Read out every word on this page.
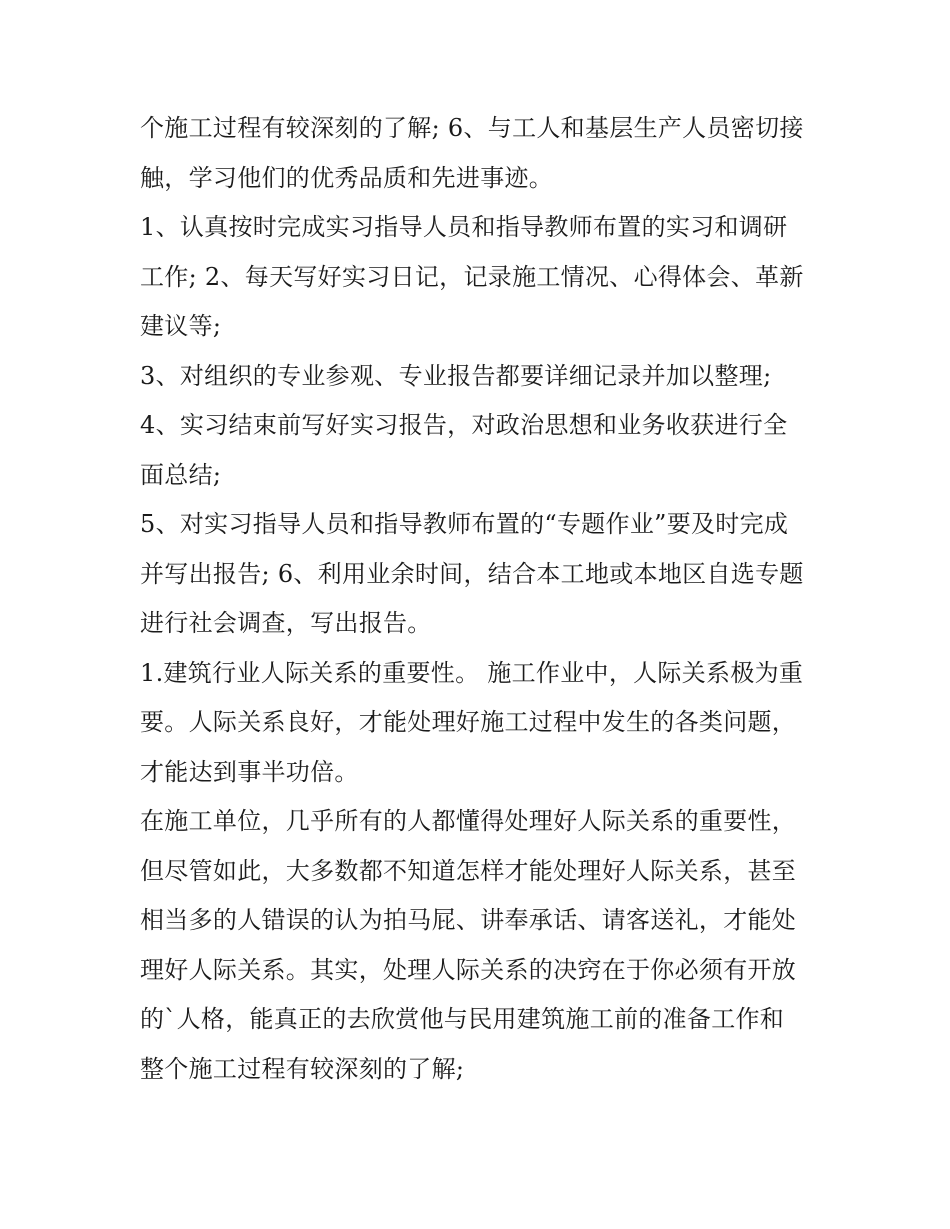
个施工过程有较深刻的了解; 6、与工人和基层生产人员密切接
触，学习他们的优秀品质和先进事迹。

1、认真按时完成实习指导人员和指导教师布置的实习和调研
工作; 2、每天写好实习日记，记录施工情况、心得体会、革新
建议等;

3、对组织的专业参观、专业报告都要详细记录并加以整理;

4、实习结束前写好实习报告，对政治思想和业务收获进行全
面总结;

5、对实习指导人员和指导教师布置的“专题作业”要及时完成
并写出报告; 6、利用业余时间，结合本工地或本地区自选专题
进行社会调查，写出报告。

1.建筑行业人际关系的重要性。 施工作业中，人际关系极为重
要。人际关系良好，才能处理好施工过程中发生的各类问题，
才能达到事半功倍。

在施工单位，几乎所有的人都懂得处理好人际关系的重要性，
但尽管如此，大多数都不知道怎样才能处理好人际关系，甚至
相当多的人错误的认为拍马屁、讲奉承话、请客送礼，才能处
理好人际关系。其实，处理人际关系的决窍在于你必须有开放
的`人格，能真正的去欣赏他与民用建筑施工前的准备工作和
整个施工过程有较深刻的了解;
